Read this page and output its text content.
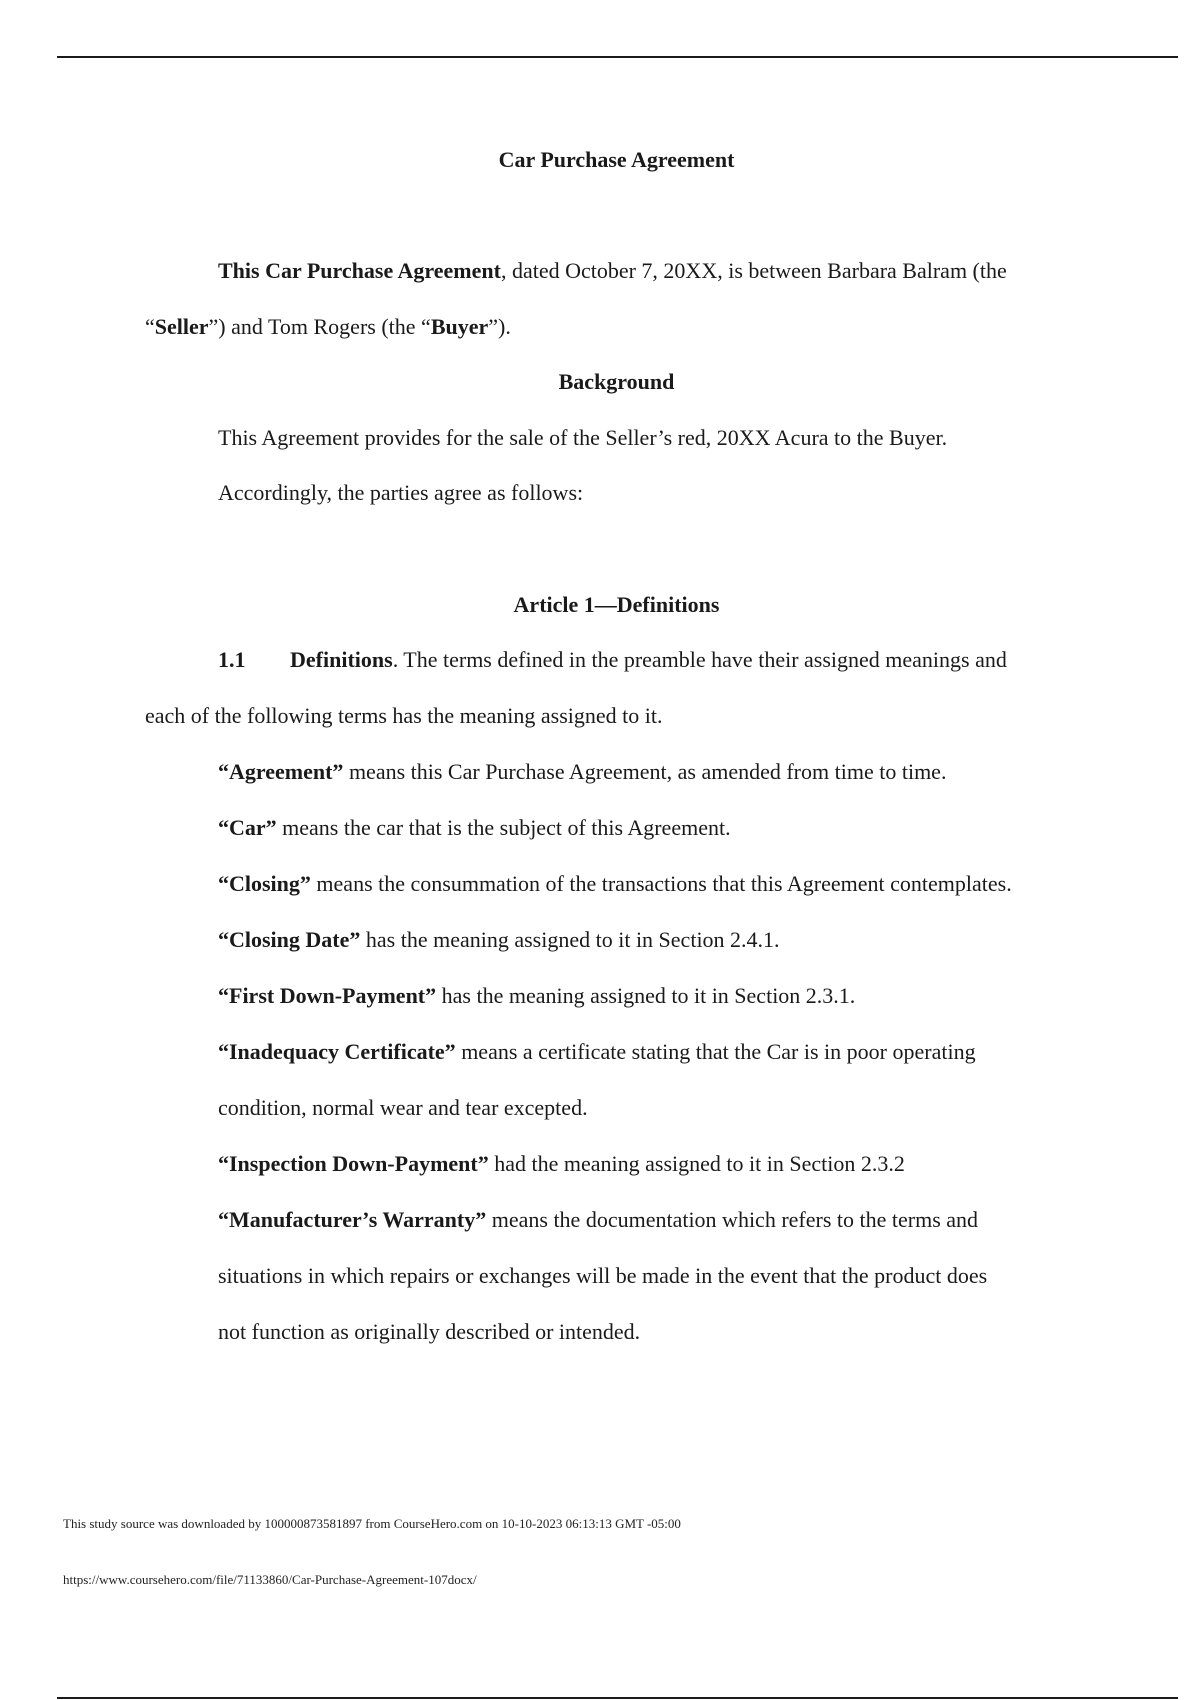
Car Purchase Agreement
This Car Purchase Agreement, dated October 7, 20XX, is between Barbara Balram (the
“Seller”) and Tom Rogers (the “Buyer”).
Background
This Agreement provides for the sale of the Seller’s red, 20XX Acura to the Buyer.
Accordingly, the parties agree as follows:
Article 1—Definitions
1.1 Definitions. The terms defined in the preamble have their assigned meanings and
each of the following terms has the meaning assigned to it.
“Agreement” means this Car Purchase Agreement, as amended from time to time.
“Car” means the car that is the subject of this Agreement.
“Closing” means the consummation of the transactions that this Agreement contemplates.
“Closing Date” has the meaning assigned to it in Section 2.4.1.
“First Down-Payment” has the meaning assigned to it in Section 2.3.1.
“Inadequacy Certificate” means a certificate stating that the Car is in poor operating
condition, normal wear and tear excepted.
“Inspection Down-Payment” had the meaning assigned to it in Section 2.3.2
“Manufacturer’s Warranty” means the documentation which refers to the terms and
situations in which repairs or exchanges will be made in the event that the product does
not function as originally described or intended.
This study source was downloaded by 100000873581897 from CourseHero.com on 10-10-2023 06:13:13 GMT -05:00
https://www.coursehero.com/file/71133860/Car-Purchase-Agreement-107docx/
